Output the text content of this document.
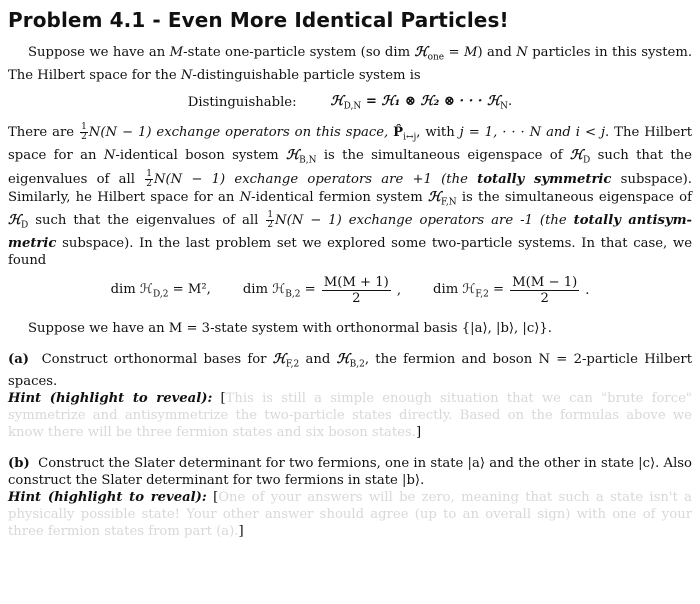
Problem 4.1 - Even More Identical Particles!

Suppose we have an M-state one-particle system (so dim ℋ$_{one}$ = M) and N particles in this system. The Hilbert space for the N-distinguishable particle system is

Distinguishable:	ℋ$_{D,N}$ = ℋ₁ ⊗ ℋ₂ ⊗ · · · ℋ$_N$.

There are $\frac{1}{2} N(N - 1)$ exchange operators on this space, $P̂_{i\leftrightarrow j}$, with j = 1, · · · N and i < j. The Hilbert space for an N-identical boson system ℋ$_{B,N}$ is the simultaneous eigenspace of ℋ$_D$ such that the eigenvalues of all $\frac{1}{2} N(N - 1)$ exchange operators are +1 (the totally symmetric subspace). Similarly, he Hilbert space for an N-identical fermion system ℋ$_{F,N}$ is the simultaneous eigenspace of ℋ$_D$ such that the eigenvalues of all $\frac{1}{2} N(N - 1)$ exchange operators are -1 (the totally antisym-metric subspace). In the last problem set we explored some two-particle systems. In that case, we found

dim ℋ$_{D,2}$ = M², dim ℋ$_{B,2}$ = $\frac{M(M + 1)}{2}$ , dim ℋ$_{F,2}$ = $\frac{M(M - 1)}{2}$ .

Suppose we have an M = 3-state system with orthonormal basis {|a⟩, |b⟩, |c⟩}.

(a) Construct orthonormal bases for ℋ$_{F,2}$ and ℋ$_{B,2}$, the fermion and boson N = 2-particle Hilbert spaces.

Hint (highlight to reveal): [This is still a simple enough situation that we can "brute force" symmetrize and antisymmetrize the two-particle states directly. Based on the formulas above we know there will be three fermion states and six boson states.]

(b) Construct the Slater determinant for two fermions, one in state |a⟩ and the other in state |c⟩. Also construct the Slater determinant for two fermions in state |b⟩.

Hint (highlight to reveal): [One of your answers will be zero, meaning that such a state isn't a physically possible state! Your other answer should agree (up to an overall sign) with one of your three fermion states from part (a).]
